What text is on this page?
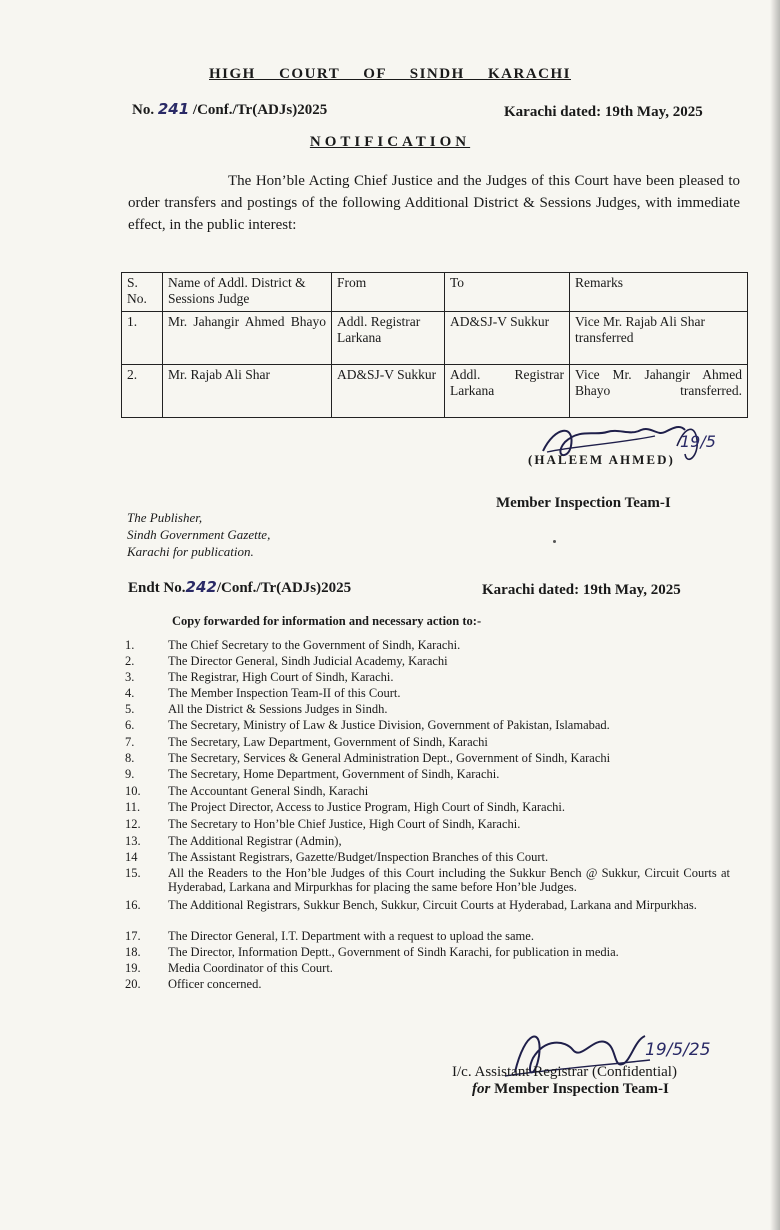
HIGH COURT OF SINDH KARACHI
No. 241 /Conf./Tr(ADJs)2025	Karachi dated: 19th May, 2025
NOTIFICATION
The Hon’ble Acting Chief Justice and the Judges of this Court have been pleased to order transfers and postings of the following Additional District & Sessions Judges, with immediate effect, in the public interest:
S. No.	Name of Addl. District & Sessions Judge	From	To	Remarks
1.	Mr. Jahangir Ahmed Bhayo	Addl. Registrar Larkana	AD&SJ-V Sukkur	Vice Mr. Rajab Ali Shar transferred
2.	Mr. Rajab Ali Shar	AD&SJ-V Sukkur	Addl. Registrar Larkana	Vice Mr. Jahangir Ahmed Bhayo transferred.
19/5
(HALEEM AHMED)
Member Inspection Team-I
The Publisher,
Sindh Government Gazette,
Karachi for publication.
Endt No.242/Conf./Tr(ADJs)2025	Karachi dated: 19th May, 2025
Copy forwarded for information and necessary action to:-
1.	The Chief Secretary to the Government of Sindh, Karachi.
2.	The Director General, Sindh Judicial Academy, Karachi
3.	The Registrar, High Court of Sindh, Karachi.
4.	The Member Inspection Team-II of this Court.
5.	All the District & Sessions Judges in Sindh.
6.	The Secretary, Ministry of Law & Justice Division, Government of Pakistan, Islamabad.
7.	The Secretary, Law Department, Government of Sindh, Karachi
8.	The Secretary, Services & General Administration Dept., Government of Sindh, Karachi
9.	The Secretary, Home Department, Government of Sindh, Karachi.
10.	The Accountant General Sindh, Karachi
11.	The Project Director, Access to Justice Program, High Court of Sindh, Karachi.
12.	The Secretary to Hon’ble Chief Justice, High Court of Sindh, Karachi.
13.	The Additional Registrar (Admin),
14	The Assistant Registrars, Gazette/Budget/Inspection Branches of this Court.
15.	All the Readers to the Hon’ble Judges of this Court including the Sukkur Bench @ Sukkur, Circuit Courts at Hyderabad, Larkana and Mirpurkhas for placing the same before Hon’ble Judges.
16.	The Additional Registrars, Sukkur Bench, Sukkur, Circuit Courts at Hyderabad, Larkana and Mirpurkhas.
17.	The Director General, I.T. Department with a request to upload the same.
18.	The Director, Information Deptt., Government of Sindh Karachi, for publication in media.
19.	Media Coordinator of this Court.
20.	Officer concerned.
19/5/25
I/c. Assistant Registrar (Confidential)
for Member Inspection Team-I
